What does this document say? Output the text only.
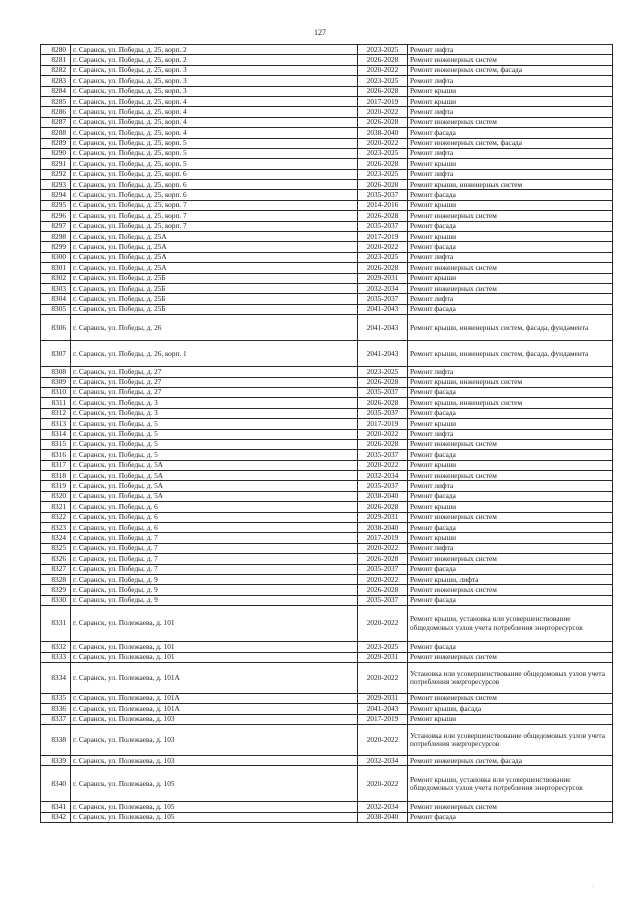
127
8280	г. Саранск, ул. Победы, д. 25, корп. 2	2023-2025	Ремонт лифта
8281	г. Саранск, ул. Победы, д. 25, корп. 2	2026-2028	Ремонт инженерных систем
8282	г. Саранск, ул. Победы, д. 25, корп. 3	2020-2022	Ремонт инженерных систем, фасада
8283	г. Саранск, ул. Победы, д. 25, корп. 3	2023-2025	Ремонт лифта
8284	г. Саранск, ул. Победы, д. 25, корп. 3	2026-2028	Ремонт крыши
8285	г. Саранск, ул. Победы, д. 25, корп. 4	2017-2019	Ремонт крыши
8286	г. Саранск, ул. Победы, д. 25, корп. 4	2020-2022	Ремонт лифта
8287	г. Саранск, ул. Победы, д. 25, корп. 4	2026-2028	Ремонт инженерных систем
8288	г. Саранск, ул. Победы, д. 25, корп. 4	2038-2040	Ремонт фасада
8289	г. Саранск, ул. Победы, д. 25, корп. 5	2020-2022	Ремонт инженерных систем, фасада
8290	г. Саранск, ул. Победы, д. 25, корп. 5	2023-2025	Ремонт лифта
8291	г. Саранск, ул. Победы, д. 25, корп. 5	2026-2028	Ремонт крыши
8292	г. Саранск, ул. Победы, д. 25, корп. 6	2023-2025	Ремонт лифта
8293	г. Саранск, ул. Победы, д. 25, корп. 6	2026-2028	Ремонт крыши, инженерных систем
8294	г. Саранск, ул. Победы, д. 25, корп. 6	2035-2037	Ремонт фасада
8295	г. Саранск, ул. Победы, д. 25, корп. 7	2014-2016	Ремонт крыши
8296	г. Саранск, ул. Победы, д. 25, корп. 7	2026-2028	Ремонт инженерных систем
8297	г. Саранск, ул. Победы, д. 25, корп. 7	2035-2037	Ремонт фасада
8298	г. Саранск, ул. Победы, д. 25А	2017-2019	Ремонт крыши
8299	г. Саранск, ул. Победы, д. 25А	2020-2022	Ремонт фасада
8300	г. Саранск, ул. Победы, д. 25А	2023-2025	Ремонт лифта
8301	г. Саранск, ул. Победы, д. 25А	2026-2028	Ремонт инженерных систем
8302	г. Саранск, ул. Победы, д. 25Б	2029-2031	Ремонт крыши
8303	г. Саранск, ул. Победы, д. 25Б	2032-2034	Ремонт инженерных систем
8304	г. Саранск, ул. Победы, д. 25Б	2035-2037	Ремонт лифта
8305	г. Саранск, ул. Победы, д. 25Б	2041-2043	Ремонт фасада
8306	г. Саранск, ул. Победы, д. 26	2041-2043	Ремонт крыши, инженерных систем, фасада, фундамента
8307	г. Саранск, ул. Победы, д. 26, корп. 1	2041-2043	Ремонт крыши, инженерных систем, фасада, фундамента
8308	г. Саранск, ул. Победы, д. 27	2023-2025	Ремонт лифта
8309	г. Саранск, ул. Победы, д. 27	2026-2028	Ремонт крыши, инженерных систем
8310	г. Саранск, ул. Победы, д. 27	2035-2037	Ремонт фасада
8311	г. Саранск, ул. Победы, д. 3	2026-2028	Ремонт крыши, инженерных систем
8312	г. Саранск, ул. Победы, д. 3	2035-2037	Ремонт фасада
8313	г. Саранск, ул. Победы, д. 5	2017-2019	Ремонт крыши
8314	г. Саранск, ул. Победы, д. 5	2020-2022	Ремонт лифта
8315	г. Саранск, ул. Победы, д. 5	2026-2028	Ремонт инженерных систем
8316	г. Саранск, ул. Победы, д. 5	2035-2037	Ремонт фасада
8317	г. Саранск, ул. Победы, д. 5А	2020-2022	Ремонт крыши
8318	г. Саранск, ул. Победы, д. 5А	2032-2034	Ремонт инженерных систем
8319	г. Саранск, ул. Победы, д. 5А	2035-2037	Ремонт лифта
8320	г. Саранск, ул. Победы, д. 5А	2038-2040	Ремонт фасада
8321	г. Саранск, ул. Победы, д. 6	2026-2028	Ремонт крыши
8322	г. Саранск, ул. Победы, д. 6	2029-2031	Ремонт инженерных систем
8323	г. Саранск, ул. Победы, д. 6	2038-2040	Ремонт фасада
8324	г. Саранск, ул. Победы, д. 7	2017-2019	Ремонт крыши
8325	г. Саранск, ул. Победы, д. 7	2020-2022	Ремонт лифта
8326	г. Саранск, ул. Победы, д. 7	2026-2028	Ремонт инженерных систем
8327	г. Саранск, ул. Победы, д. 7	2035-2037	Ремонт фасада
8328	г. Саранск, ул. Победы, д. 9	2020-2022	Ремонт крыши, лифта
8329	г. Саранск, ул. Победы, д. 9	2026-2028	Ремонт инженерных систем
8330	г. Саранск, ул. Победы, д. 9	2035-2037	Ремонт фасада
8331	г. Саранск, ул. Полежаева, д. 101	2020-2022	Ремонт крыши, установка или усовершенствование общедомовых узлов учета потребления энергоресурсов
8332	г. Саранск, ул. Полежаева, д. 101	2023-2025	Ремонт фасада
8333	г. Саранск, ул. Полежаева, д. 101	2029-2031	Ремонт инженерных систем
8334	г. Саранск, ул. Полежаева, д. 101А	2020-2022	Установка или усовершенствование общедомовых узлов учета потребления энергоресурсов
8335	г. Саранск, ул. Полежаева, д. 101А	2029-2031	Ремонт инженерных систем
8336	г. Саранск, ул. Полежаева, д. 101А	2041-2043	Ремонт крыши, фасада
8337	г. Саранск, ул. Полежаева, д. 103	2017-2019	Ремонт крыши
8338	г. Саранск, ул. Полежаева, д. 103	2020-2022	Установка или усовершенствование общедомовых узлов учета потребления энергоресурсов
8339	г. Саранск, ул. Полежаева, д. 103	2032-2034	Ремонт инженерных систем, фасада
8340	г. Саранск, ул. Полежаева, д. 105	2020-2022	Ремонт крыши, установка или усовершенствование общедомовых узлов учета потребления энергоресурсов
8341	г. Саранск, ул. Полежаева, д. 105	2032-2034	Ремонт инженерных систем
8342	г. Саранск, ул. Полежаева, д. 105	2038-2040	Ремонт фасада
·
